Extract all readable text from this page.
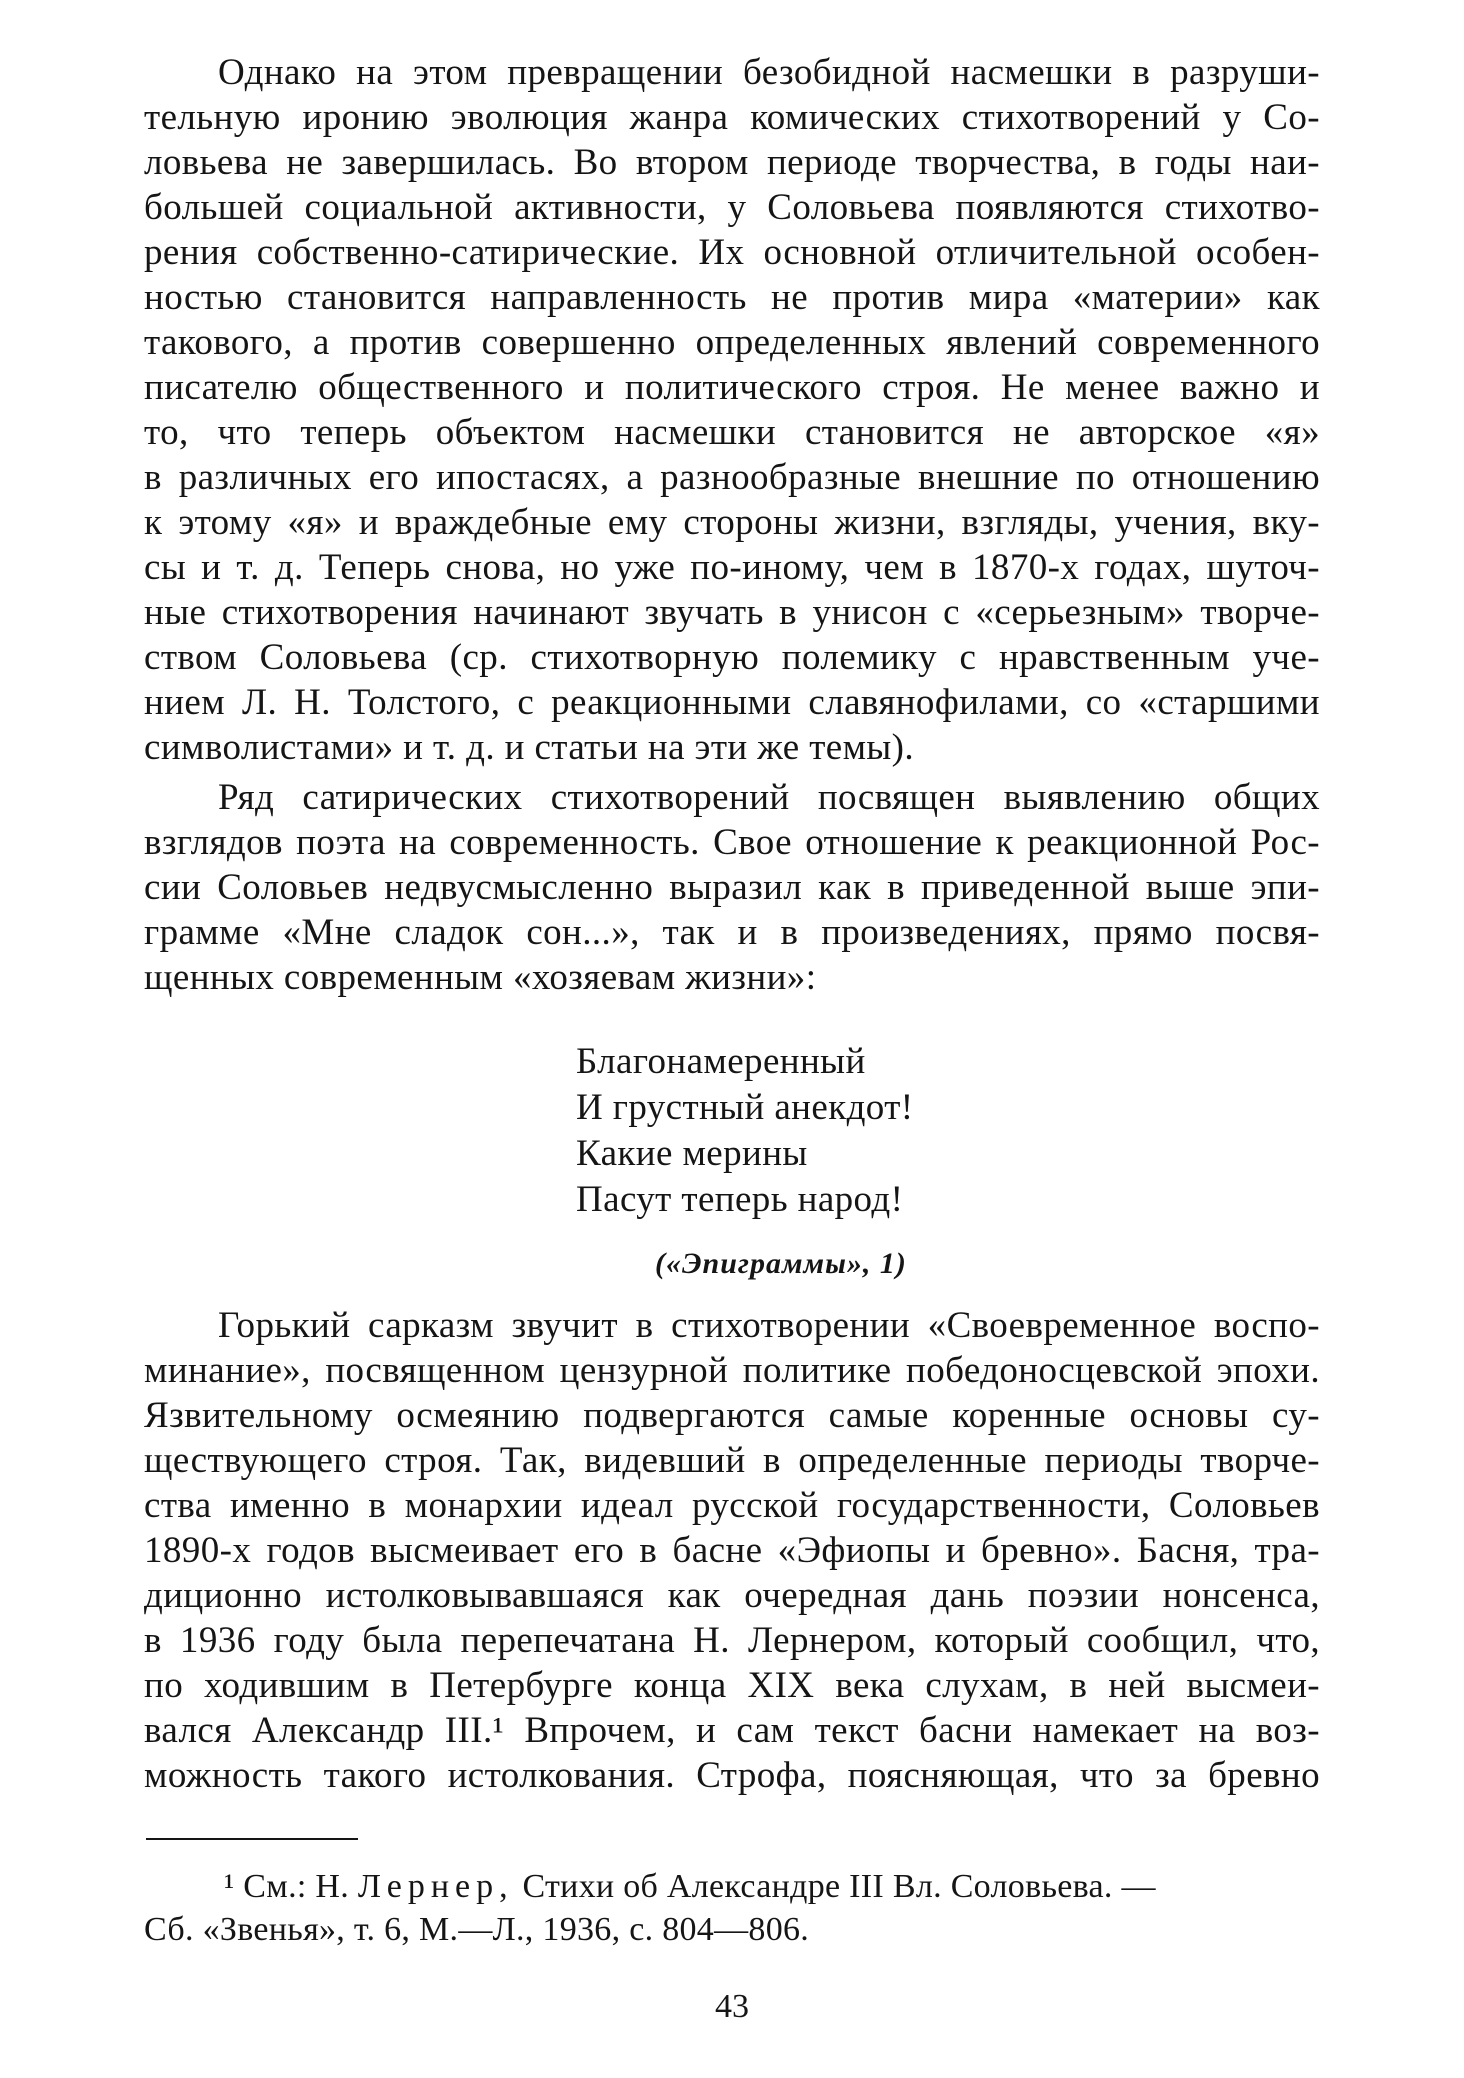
Однако на этом превращении безобидной насмешки в разруши-
тельную иронию эволюция жанра комических стихотворений у Со-
ловьева не завершилась. Во втором периоде творчества, в годы наи-
большей социальной активности, у Соловьева появляются стихотво-
рения собственно-сатирические. Их основной отличительной особен-
ностью становится направленность не против мира «материи» как
такового, а против совершенно определенных явлений современного
писателю общественного и политического строя. Не менее важно и
то, что теперь объектом насмешки становится не авторское «я»
в различных его ипостасях, а разнообразные внешние по отношению
к этому «я» и враждебные ему стороны жизни, взгляды, учения, вку-
сы и т. д. Теперь снова, но уже по-иному, чем в 1870-х годах, шуточ-
ные стихотворения начинают звучать в унисон с «серьезным» творче-
ством Соловьева (ср. стихотворную полемику с нравственным уче-
нием Л. Н. Толстого, с реакционными славянофилами, со «старшими
символистами» и т. д. и статьи на эти же темы).
Ряд сатирических стихотворений посвящен выявлению общих
взглядов поэта на современность. Свое отношение к реакционной Рос-
сии Соловьев недвусмысленно выразил как в приведенной выше эпи-
грамме «Мне сладок сон...», так и в произведениях, прямо посвя-
щенных современным «хозяевам жизни»:
Благонамеренный
И грустный анекдот!
Какие мерины
Пасут теперь народ!
(«Эпиграммы», 1)
Горький сарказм звучит в стихотворении «Своевременное воспо-
минание», посвященном цензурной политике победоносцевской эпохи.
Язвительному осмеянию подвергаются самые коренные основы су-
ществующего строя. Так, видевший в определенные периоды творче-
ства именно в монархии идеал русской государственности, Соловьев
1890-х годов высмеивает его в басне «Эфиопы и бревно». Басня, тра-
диционно истолковывавшаяся как очередная дань поэзии нонсенса,
в 1936 году была перепечатана Н. Лернером, который сообщил, что,
по ходившим в Петербурге конца XIX века слухам, в ней высмеи-
вался Александр III.¹ Впрочем, и сам текст басни намекает на воз-
можность такого истолкования. Строфа, поясняющая, что за бревно
¹ См.: Н. Лернер, Стихи об Александре III Вл. Соловьева. —
Сб. «Звенья», т. 6, М.—Л., 1936, с. 804—806.
43
